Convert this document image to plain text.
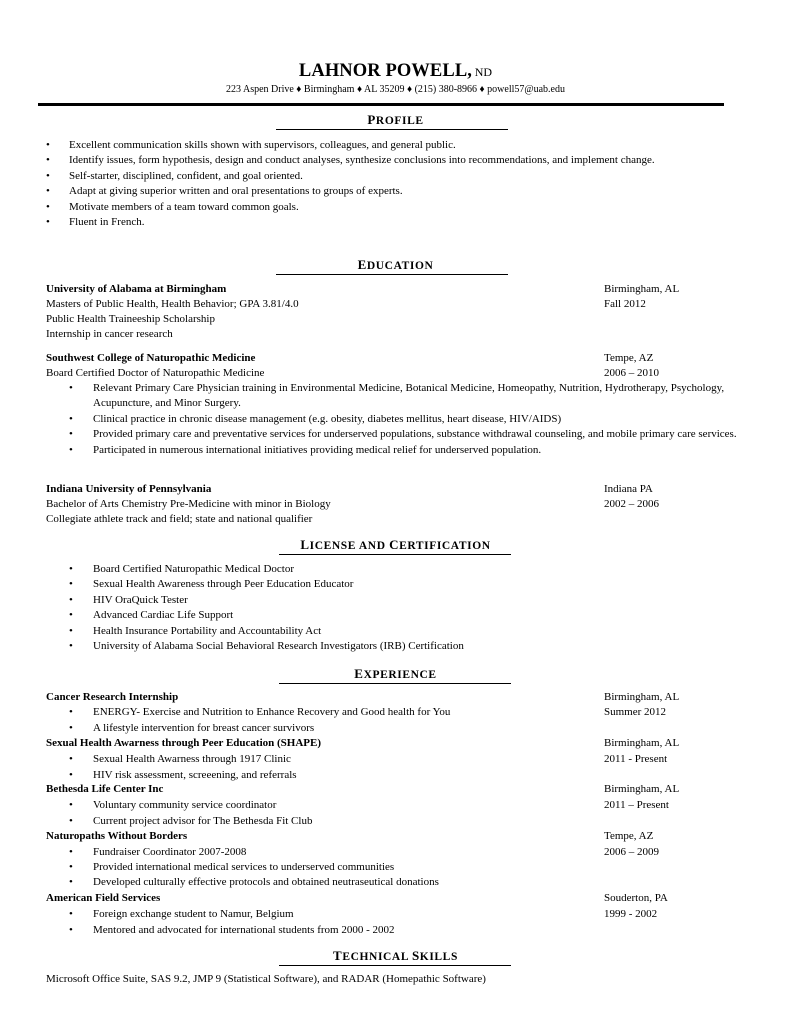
LAHNOR POWELL, ND
223 Aspen Drive ♦ Birmingham ♦ AL 35209 ♦ (215) 380-8966 ♦ powell57@uab.edu
PROFILE
• Excellent communication skills shown with supervisors, colleagues, and general public.
• Identify issues, form hypothesis, design and conduct analyses, synthesize conclusions into recommendations, and implement change.
• Self-starter, disciplined, confident, and goal oriented.
• Adapt at giving superior written and oral presentations to groups of experts.
• Motivate members of a team toward common goals.
• Fluent in French.
EDUCATION
University of Alabama at Birmingham	Birmingham, AL
Masters of Public Health, Health Behavior; GPA 3.81/4.0	Fall 2012
Public Health Traineeship Scholarship
Internship in cancer research
Southwest College of Naturopathic Medicine	Tempe, AZ
Board Certified Doctor of Naturopathic Medicine	2006 – 2010
• Relevant Primary Care Physician training in Environmental Medicine, Botanical Medicine, Homeopathy, Nutrition, Hydrotherapy, Psychology, Acupuncture, and Minor Surgery.
• Clinical practice in chronic disease management (e.g. obesity, diabetes mellitus, heart disease, HIV/AIDS)
• Provided primary care and preventative services for underserved populations, substance withdrawal counseling, and mobile primary care services.
• Participated in numerous international initiatives providing medical relief for underserved population.
Indiana University of Pennsylvania	Indiana PA
Bachelor of Arts Chemistry Pre-Medicine with minor in Biology	2002 – 2006
Collegiate athlete track and field; state and national qualifier
LICENSE AND CERTIFICATION
• Board Certified Naturopathic Medical Doctor
• Sexual Health Awareness through Peer Education Educator
• HIV OraQuick Tester
• Advanced Cardiac Life Support
• Health Insurance Portability and Accountability Act
• University of Alabama Social Behavioral Research Investigators (IRB) Certification
EXPERIENCE
Cancer Research Internship	Birmingham, AL
• ENERGY- Exercise and Nutrition to Enhance Recovery and Good health for You	Summer 2012
• A lifestyle intervention for breast cancer survivors
Sexual Health Awarness through Peer Education (SHAPE)	Birmingham, AL
• Sexual Health Awarness through 1917 Clinic	2011 - Present
• HIV risk assessment, screeening, and referrals
Bethesda Life Center Inc	Birmingham, AL
• Voluntary community service coordinator	2011 – Present
• Current project advisor for The Bethesda Fit Club
Naturopaths Without Borders	Tempe, AZ
• Fundraiser Coordinator 2007-2008	2006 – 2009
• Provided international medical services to underserved communities
• Developed culturally effective protocols and obtained neutraseutical donations
American Field Services	Souderton, PA
• Foreign exchange student to Namur, Belgium	1999 - 2002
• Mentored and advocated for international students from 2000 - 2002
TECHNICAL SKILLS
Microsoft Office Suite, SAS 9.2, JMP 9 (Statistical Software), and RADAR (Homepathic Software)
